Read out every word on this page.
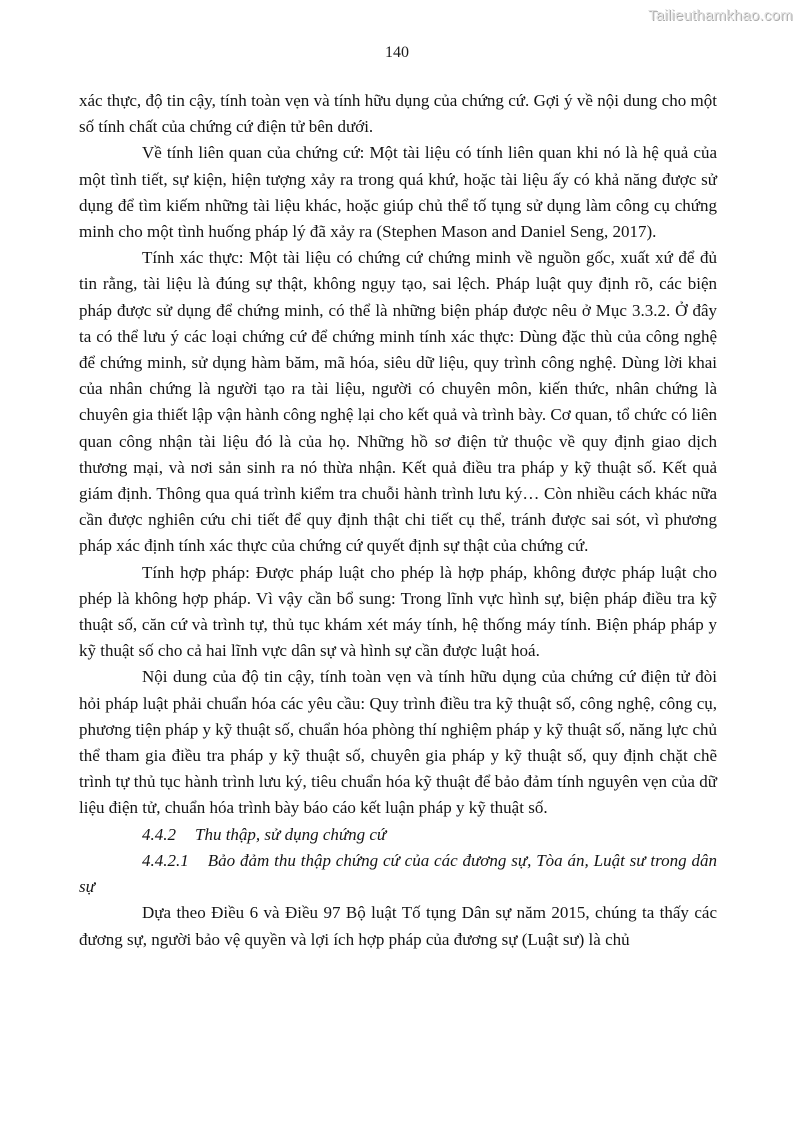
Tailieuthamkhao.com
140

xác thực, độ tin cậy, tính toàn vẹn và tính hữu dụng của chứng cứ. Gợi ý về nội dung cho một số tính chất của chứng cứ điện tử bên dưới.

Về tính liên quan của chứng cứ: Một tài liệu có tính liên quan khi nó là hệ quả của một tình tiết, sự kiện, hiện tượng xảy ra trong quá khứ, hoặc tài liệu ấy có khả năng được sử dụng để tìm kiếm những tài liệu khác, hoặc giúp chủ thể tố tụng sử dụng làm công cụ chứng minh cho một tình huống pháp lý đã xảy ra (Stephen Mason and Daniel Seng, 2017).

Tính xác thực: Một tài liệu có chứng cứ chứng minh về nguồn gốc, xuất xứ để đủ tin rằng, tài liệu là đúng sự thật, không ngụy tạo, sai lệch. Pháp luật quy định rõ, các biện pháp được sử dụng để chứng minh, có thể là những biện pháp được nêu ở Mục 3.3.2. Ở đây ta có thể lưu ý các loại chứng cứ để chứng minh tính xác thực: Dùng đặc thù của công nghệ để chứng minh, sử dụng hàm băm, mã hóa, siêu dữ liệu, quy trình công nghệ. Dùng lời khai của nhân chứng là người tạo ra tài liệu, người có chuyên môn, kiến thức, nhân chứng là chuyên gia thiết lập vận hành công nghệ lại cho kết quả và trình bày. Cơ quan, tổ chức có liên quan công nhận tài liệu đó là của họ. Những hồ sơ điện tử thuộc về quy định giao dịch thương mại, và nơi sản sinh ra nó thừa nhận. Kết quả điều tra pháp y kỹ thuật số. Kết quả giám định. Thông qua quá trình kiểm tra chuỗi hành trình lưu ký… Còn nhiều cách khác nữa cần được nghiên cứu chi tiết để quy định thật chi tiết cụ thể, tránh được sai sót, vì phương pháp xác định tính xác thực của chứng cứ quyết định sự thật của chứng cứ.

Tính hợp pháp: Được pháp luật cho phép là hợp pháp, không được pháp luật cho phép là không hợp pháp. Vì vậy cần bổ sung: Trong lĩnh vực hình sự, biện pháp điều tra kỹ thuật số, căn cứ và trình tự, thủ tục khám xét máy tính, hệ thống máy tính. Biện pháp pháp y kỹ thuật số cho cả hai lĩnh vực dân sự và hình sự cần được luật hoá.

Nội dung của độ tin cậy, tính toàn vẹn và tính hữu dụng của chứng cứ điện tử đòi hỏi pháp luật phải chuẩn hóa các yêu cầu: Quy trình điều tra kỹ thuật số, công nghệ, công cụ, phương tiện pháp y kỹ thuật số, chuẩn hóa phòng thí nghiệm pháp y kỹ thuật số, năng lực chủ thể tham gia điều tra pháp y kỹ thuật số, chuyên gia pháp y kỹ thuật số, quy định chặt chẽ trình tự thủ tục hành trình lưu ký, tiêu chuẩn hóa kỹ thuật để bảo đảm tính nguyên vẹn của dữ liệu điện tử, chuẩn hóa trình bày báo cáo kết luận pháp y kỹ thuật số.

4.4.2 Thu thập, sử dụng chứng cứ

4.4.2.1 Bảo đảm thu thập chứng cứ của các đương sự, Tòa án, Luật sư trong dân sự

Dựa theo Điều 6 và Điều 97 Bộ luật Tố tụng Dân sự năm 2015, chúng ta thấy các đương sự, người bảo vệ quyền và lợi ích hợp pháp của đương sự (Luật sư) là chủ
